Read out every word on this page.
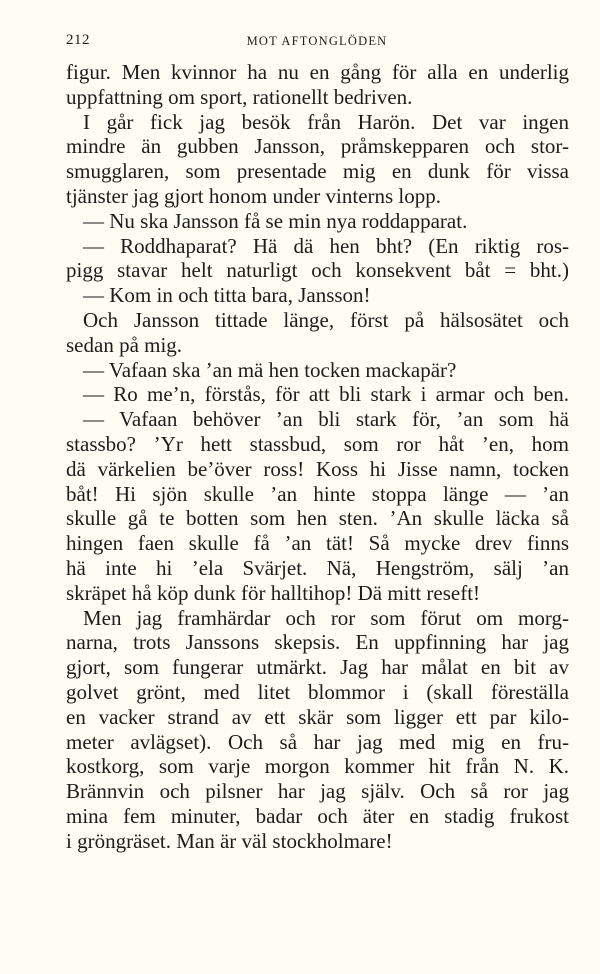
212	MOT AFTONGLÖDEN
figur. Men kvinnor ha nu en gång för alla en underlig
uppfattning om sport, rationellt bedriven.
I går fick jag besök från Harön. Det var ingen
mindre än gubben Jansson, pråmskepparen och stor-
smugglaren, som presentade mig en dunk för vissa
tjänster jag gjort honom under vinterns lopp.
— Nu ska Jansson få se min nya roddapparat.
— Roddhaparat? Hä dä hen bht? (En riktig ros-
pigg stavar helt naturligt och konsekvent båt = bht.)
— Kom in och titta bara, Jansson!
Och Jansson tittade länge, först på hälsosätet och
sedan på mig.
— Vafaan ska ’an mä hen tocken mackapär?
— Ro me’n, förstås, för att bli stark i armar och ben.
— Vafaan behöver ’an bli stark för, ’an som hä
stassbo? ’Yr hett stassbud, som ror håt ’en, hom
dä värkelien be’över ross! Koss hi Jisse namn, tocken
båt! Hi sjön skulle ’an hinte stoppa länge — ’an
skulle gå te botten som hen sten. ’An skulle läcka så
hingen faen skulle få ’an tät! Så mycke drev finns
hä inte hi ’ela Svärjet. Nä, Hengström, sälj ’an
skräpet hå köp dunk för halltihop! Dä mitt reseft!
Men jag framhärdar och ror som förut om morg-
narna, trots Janssons skepsis. En uppfinning har jag
gjort, som fungerar utmärkt. Jag har målat en bit av
golvet grönt, med litet blommor i (skall föreställa
en vacker strand av ett skär som ligger ett par kilo-
meter avlägset). Och så har jag med mig en fru-
kostkorg, som varje morgon kommer hit från N. K.
Brännvin och pilsner har jag själv. Och så ror jag
mina fem minuter, badar och äter en stadig frukost
i gröngräset. Man är väl stockholmare!
